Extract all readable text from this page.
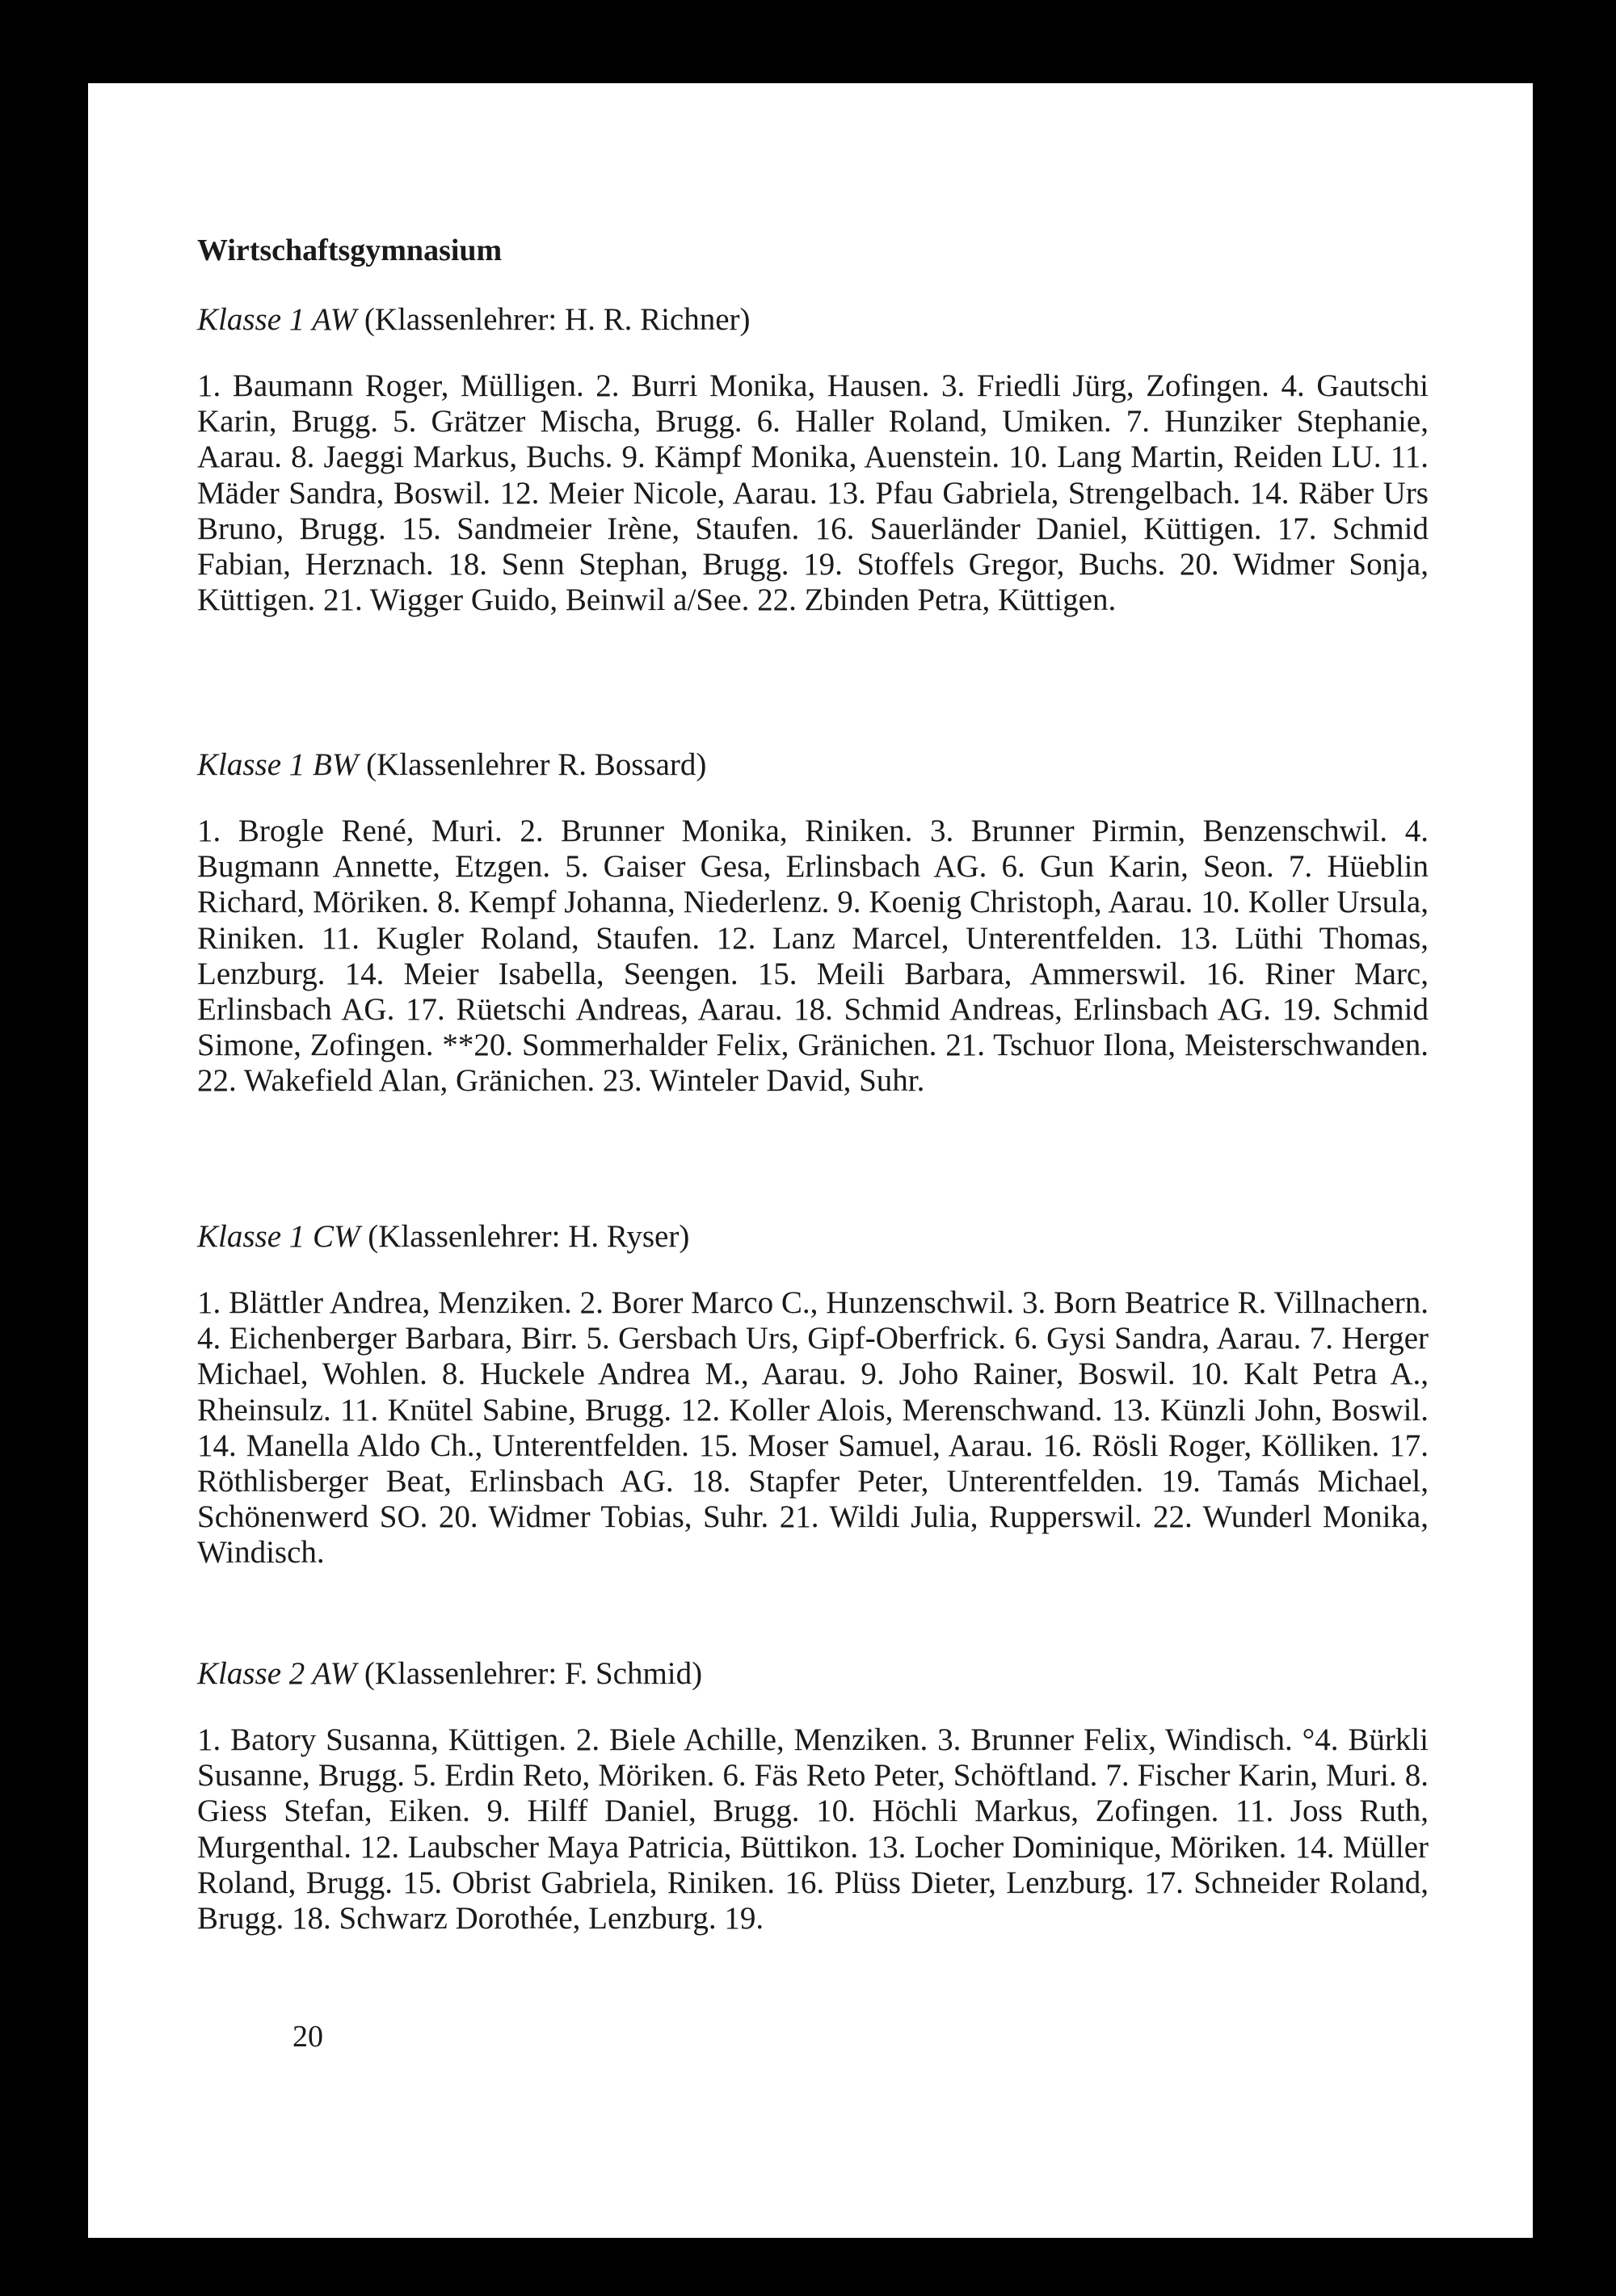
Wirtschaftsgymnasium

Klasse 1 AW (Klassenlehrer: H. R. Richner)

1. Baumann Roger, Mülligen. 2. Burri Monika, Hausen. 3. Friedli Jürg, Zofingen. 4. Gautschi Karin, Brugg. 5. Grätzer Mischa, Brugg. 6. Haller Roland, Umiken. 7. Hunziker Stephanie, Aarau. 8. Jaeggi Markus, Buchs. 9. Kämpf Monika, Auenstein. 10. Lang Martin, Reiden LU. 11. Mäder Sandra, Boswil. 12. Meier Nicole, Aarau. 13. Pfau Gabriela, Strengelbach. 14. Räber Urs Bruno, Brugg. 15. Sandmeier Irène, Staufen. 16. Sauerländer Daniel, Küttigen. 17. Schmid Fabian, Herznach. 18. Senn Stephan, Brugg. 19. Stoffels Gregor, Buchs. 20. Widmer Sonja, Küttigen. 21. Wigger Guido, Beinwil a/See. 22. Zbinden Petra, Küttigen.

Klasse 1 BW (Klassenlehrer R. Bossard)

1. Brogle René, Muri. 2. Brunner Monika, Riniken. 3. Brunner Pirmin, Benzenschwil. 4. Bugmann Annette, Etzgen. 5. Gaiser Gesa, Erlinsbach AG. 6. Gun Karin, Seon. 7. Hüeblin Richard, Möriken. 8. Kempf Johanna, Niederlenz. 9. Koenig Christoph, Aarau. 10. Koller Ursula, Riniken. 11. Kugler Roland, Staufen. 12. Lanz Marcel, Unterentfelden. 13. Lüthi Thomas, Lenzburg. 14. Meier Isabella, Seengen. 15. Meili Barbara, Ammerswil. 16. Riner Marc, Erlinsbach AG. 17. Rüetschi Andreas, Aarau. 18. Schmid Andreas, Erlinsbach AG. 19. Schmid Simone, Zofingen. **20. Sommerhalder Felix, Gränichen. 21. Tschuor Ilona, Meisterschwanden. 22. Wakefield Alan, Gränichen. 23. Winteler David, Suhr.

Klasse 1 CW (Klassenlehrer: H. Ryser)

1. Blättler Andrea, Menziken. 2. Borer Marco C., Hunzenschwil. 3. Born Beatrice R. Villnachern. 4. Eichenberger Barbara, Birr. 5. Gersbach Urs, Gipf-Oberfrick. 6. Gysi Sandra, Aarau. 7. Herger Michael, Wohlen. 8. Huckele Andrea M., Aarau. 9. Joho Rainer, Boswil. 10. Kalt Petra A., Rheinsulz. 11. Knütel Sabine, Brugg. 12. Koller Alois, Merenschwand. 13. Künzli John, Boswil. 14. Manella Aldo Ch., Unterentfelden. 15. Moser Samuel, Aarau. 16. Rösli Roger, Kölliken. 17. Röthlisberger Beat, Erlinsbach AG. 18. Stapfer Peter, Unterentfelden. 19. Tamás Michael, Schönenwerd SO. 20. Widmer Tobias, Suhr. 21. Wildi Julia, Rupperswil. 22. Wunderl Monika, Windisch.

Klasse 2 AW (Klassenlehrer: F. Schmid)

1. Batory Susanna, Küttigen. 2. Biele Achille, Menziken. 3. Brunner Felix, Windisch. °4. Bürkli Susanne, Brugg. 5. Erdin Reto, Möriken. 6. Fäs Reto Peter, Schöftland. 7. Fischer Karin, Muri. 8. Giess Stefan, Eiken. 9. Hilff Daniel, Brugg. 10. Höchli Markus, Zofingen. 11. Joss Ruth, Murgenthal. 12. Laubscher Maya Patricia, Büttikon. 13. Locher Dominique, Möriken. 14. Müller Roland, Brugg. 15. Obrist Gabriela, Riniken. 16. Plüss Dieter, Lenzburg. 17. Schneider Roland, Brugg. 18. Schwarz Dorothée, Lenzburg. 19.

20
